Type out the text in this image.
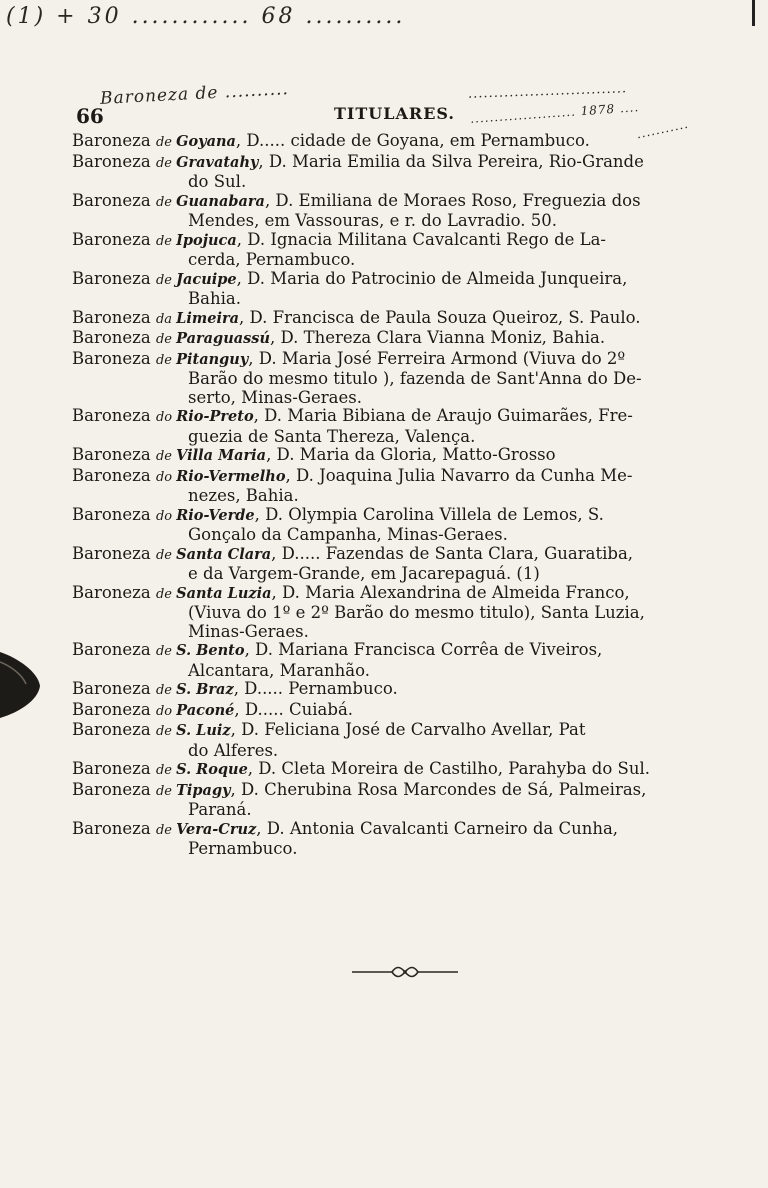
(1) + 30 ............ 68 ..........
Baroneza de ..........	...............................
...................... 1878 ....
...........
66	TITULARES.

Baroneza de Goyana, D..... cidade de Goyana, em Pernambuco.

Baroneza de Gravatahy, D. Maria Emilia da Silva Pereira, Rio-Grande
do Sul.

Baroneza de Guanabara, D. Emiliana de Moraes Roso, Freguezia dos
Mendes, em Vassouras, e r. do Lavradio. 50.

Baroneza de Ipojuca, D. Ignacia Militana Cavalcanti Rego de La-
cerda, Pernambuco.

Baroneza de Jacuipe, D. Maria do Patrocinio de Almeida Junqueira,
Bahia.

Baroneza da Limeira, D. Francisca de Paula Souza Queiroz, S. Paulo.

Baroneza de Paraguassú, D. Thereza Clara Vianna Moniz, Bahia.

Baroneza de Pitanguy, D. Maria José Ferreira Armond (Viuva do 2º
Barão do mesmo titulo ), fazenda de Sant'Anna do De-
serto, Minas-Geraes.

Baroneza do Rio-Preto, D. Maria Bibiana de Araujo Guimarães, Fre-
guezia de Santa Thereza, Valença.

Baroneza de Villa Maria, D. Maria da Gloria, Matto-Grosso

Baroneza do Rio-Vermelho, D. Joaquina Julia Navarro da Cunha Me-
nezes, Bahia.

Baroneza do Rio-Verde, D. Olympia Carolina Villela de Lemos, S.
Gonçalo da Campanha, Minas-Geraes.

Baroneza de Santa Clara, D..... Fazendas de Santa Clara, Guaratiba,
e da Vargem-Grande, em Jacarepaguá. (1)

Baroneza de Santa Luzia, D. Maria Alexandrina de Almeida Franco,
(Viuva do 1º e 2º Barão do mesmo titulo), Santa Luzia,
Minas-Geraes.

Baroneza de S. Bento, D. Mariana Francisca Corrêa de Viveiros,
Alcantara, Maranhão.

Baroneza de S. Braz, D..... Pernambuco.

Baroneza do Paconé, D..... Cuiabá.

Baroneza de S. Luiz, D. Feliciana José de Carvalho Avellar, Pat
do Alferes.

Baroneza de S. Roque, D. Cleta Moreira de Castilho, Parahyba do Sul.

Baroneza de Tipagy, D. Cherubina Rosa Marcondes de Sá, Palmeiras,
Paraná.

Baroneza de Vera-Cruz, D. Antonia Cavalcanti Carneiro da Cunha,
Pernambuco.
